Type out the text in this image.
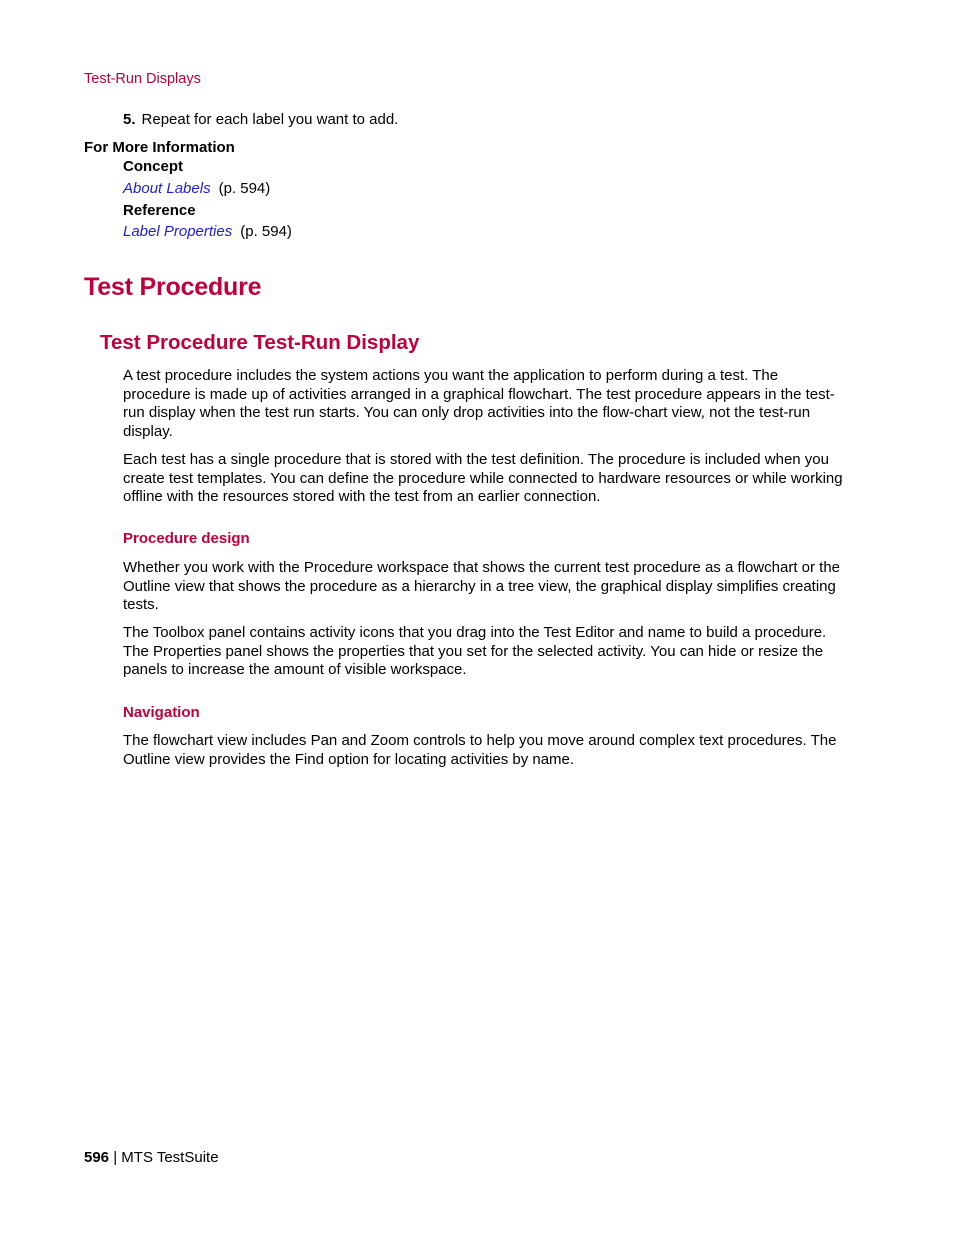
Test-Run Displays
5. Repeat for each label you want to add.
For More Information
Concept
About Labels (p. 594)
Reference
Label Properties (p. 594)
Test Procedure
Test Procedure Test-Run Display
A test procedure includes the system actions you want the application to perform during a test. The procedure is made up of activities arranged in a graphical flowchart. The test procedure appears in the test-run display when the test run starts. You can only drop activities into the flow-chart view, not the test-run display.
Each test has a single procedure that is stored with the test definition. The procedure is included when you create test templates. You can define the procedure while connected to hardware resources or while working offline with the resources stored with the test from an earlier connection.
Procedure design
Whether you work with the Procedure workspace that shows the current test procedure as a flowchart or the Outline view that shows the procedure as a hierarchy in a tree view, the graphical display simplifies creating tests.
The Toolbox panel contains activity icons that you drag into the Test Editor and name to build a procedure. The Properties panel shows the properties that you set for the selected activity. You can hide or resize the panels to increase the amount of visible workspace.
Navigation
The flowchart view includes Pan and Zoom controls to help you move around complex text procedures. The Outline view provides the Find option for locating activities by name.
596 | MTS TestSuite
